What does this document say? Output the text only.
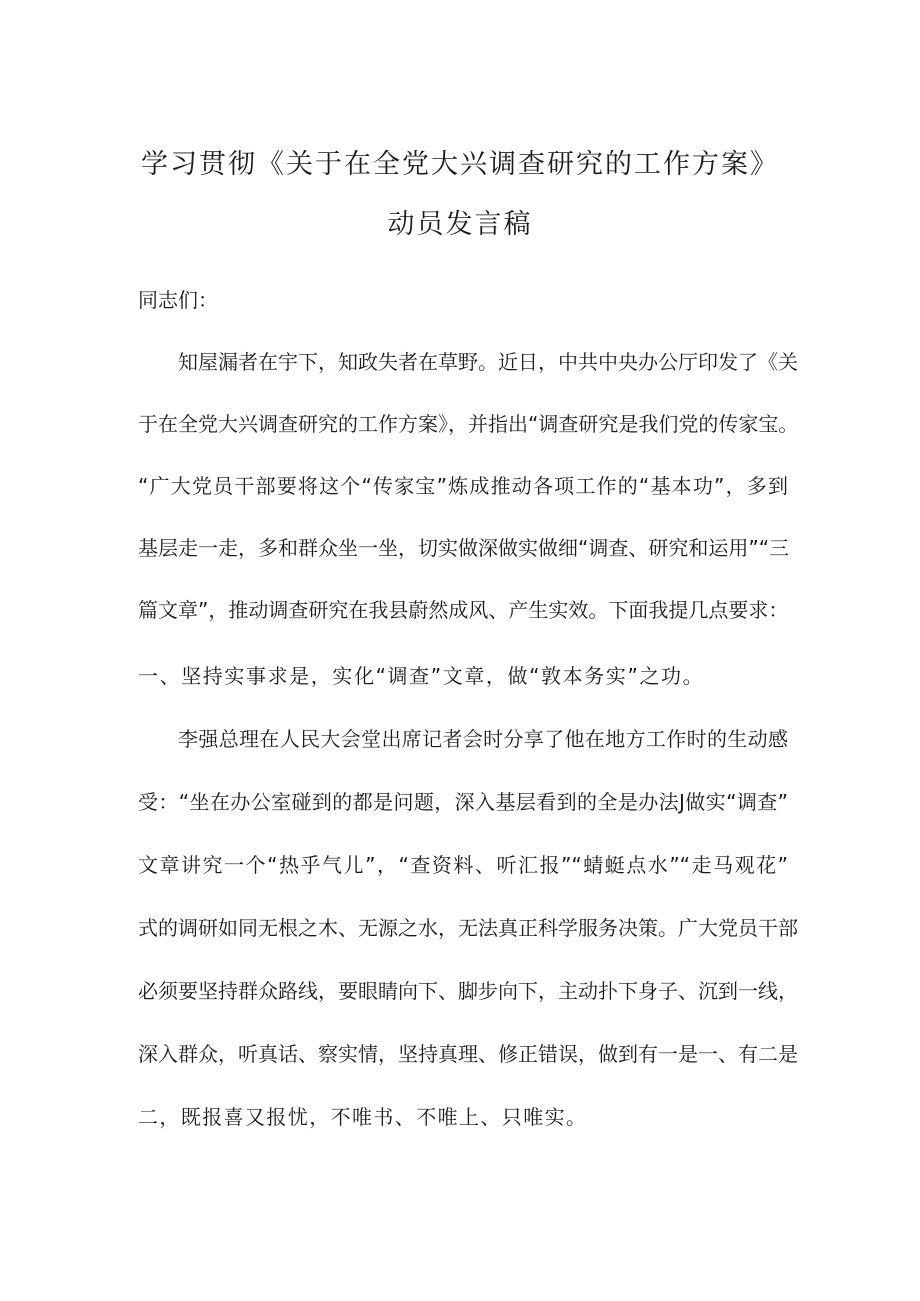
学习贯彻《关于在全党大兴调查研究的工作方案》
动员发言稿
同志们：
知屋漏者在宇下，知政失者在草野。近日，中共中央办公厅印发了《关
于在全党大兴调查研究的工作方案》，并指出“调查研究是我们党的传家宝。
“广大党员干部要将这个“传家宝”炼成推动各项工作的“基本功”，多到
基层走一走，多和群众坐一坐，切实做深做实做细“调查、研究和运用”“三
篇文章”，推动调查研究在我县蔚然成风、产生实效。下面我提几点要求：
一、坚持实事求是，实化“调查”文章，做“敦本务实”之功。
李强总理在人民大会堂出席记者会时分享了他在地方工作时的生动感
受：“坐在办公室碰到的都是问题，深入基层看到的全是办法J做实“调查”
文章讲究一个“热乎气儿”，“查资料、听汇报”“蜻蜓点水”“走马观花”
式的调研如同无根之木、无源之水，无法真正科学服务决策。广大党员干部
必须要坚持群众路线，要眼睛向下、脚步向下，主动扑下身子、沉到一线，
深入群众，听真话、察实情，坚持真理、修正错误，做到有一是一、有二是
二，既报喜又报忧，不唯书、不唯上、只唯实。
